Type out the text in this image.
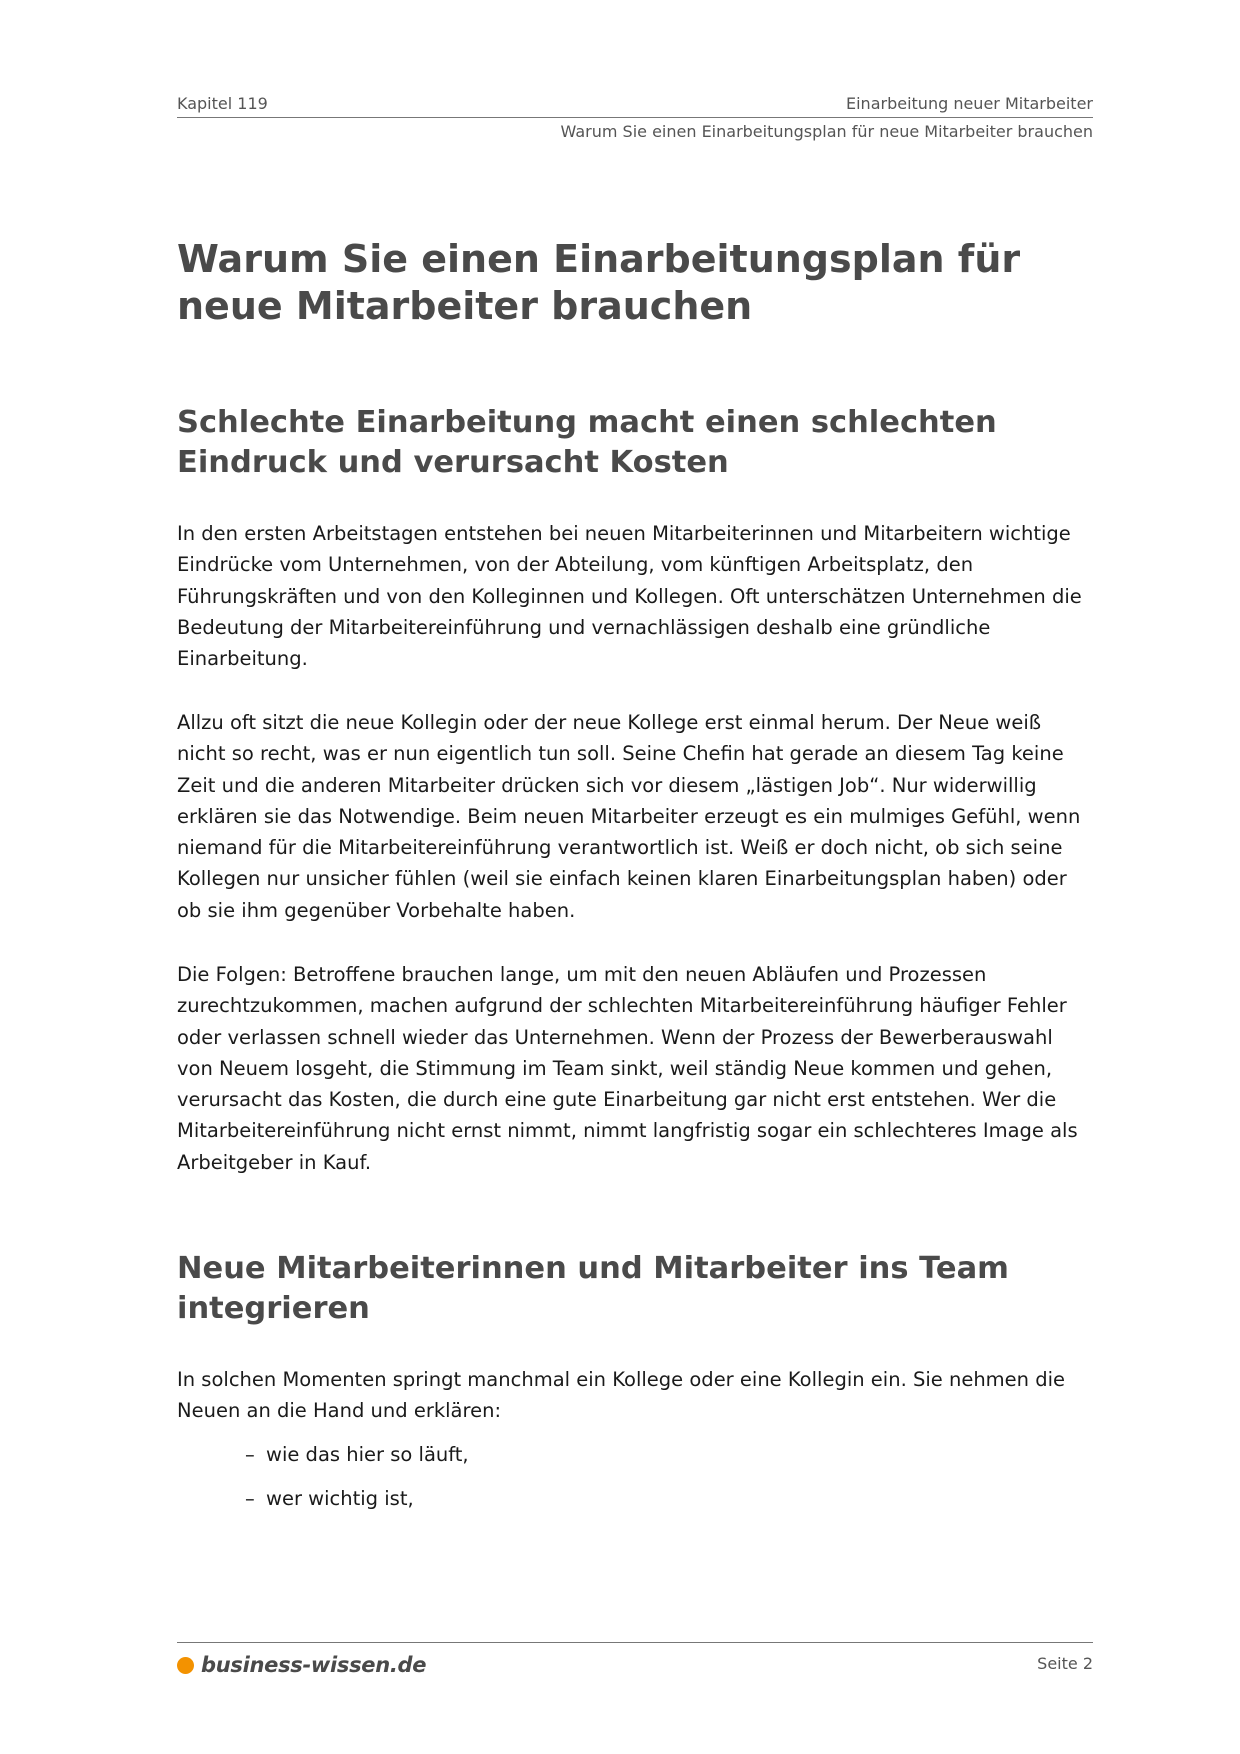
Kapitel 119	Einarbeitung neuer Mitarbeiter
Warum Sie einen Einarbeitungsplan für neue Mitarbeiter brauchen
Warum Sie einen Einarbeitungsplan für neue Mitarbeiter brauchen
Schlechte Einarbeitung macht einen schlechten Eindruck und verursacht Kosten

In den ersten Arbeitstagen entstehen bei neuen Mitarbeiterinnen und Mitarbeitern wichtige Eindrücke vom Unternehmen, von der Abteilung, vom künftigen Arbeitsplatz, den Führungskräften und von den Kolleginnen und Kollegen. Oft unterschätzen Unternehmen die Bedeutung der Mitarbeitereinführung und vernachlässigen deshalb eine gründliche Einarbeitung.

Allzu oft sitzt die neue Kollegin oder der neue Kollege erst einmal herum. Der Neue weiß nicht so recht, was er nun eigentlich tun soll. Seine Chefin hat gerade an diesem Tag keine Zeit und die anderen Mitarbeiter drücken sich vor diesem „lästigen Job“. Nur widerwillig erklären sie das Notwendige. Beim neuen Mitarbeiter erzeugt es ein mulmiges Gefühl, wenn niemand für die Mitarbeitereinführung verantwortlich ist. Weiß er doch nicht, ob sich seine Kollegen nur unsicher fühlen (weil sie einfach keinen klaren Einarbeitungsplan haben) oder ob sie ihm gegenüber Vorbehalte haben.

Die Folgen: Betroffene brauchen lange, um mit den neuen Abläufen und Prozessen zurechtzukommen, machen aufgrund der schlechten Mitarbeitereinführung häufiger Fehler oder verlassen schnell wieder das Unternehmen. Wenn der Prozess der Bewerberauswahl von Neuem losgeht, die Stimmung im Team sinkt, weil ständig Neue kommen und gehen, verursacht das Kosten, die durch eine gute Einarbeitung gar nicht erst entstehen. Wer die Mitarbeitereinführung nicht ernst nimmt, nimmt langfristig sogar ein schlechteres Image als Arbeitgeber in Kauf.

Neue Mitarbeiterinnen und Mitarbeiter ins Team integrieren

In solchen Momenten springt manchmal ein Kollege oder eine Kollegin ein. Sie nehmen die Neuen an die Hand und erklären:

– wie das hier so läuft,
– wer wichtig ist,
business-wissen.de	Seite 2
